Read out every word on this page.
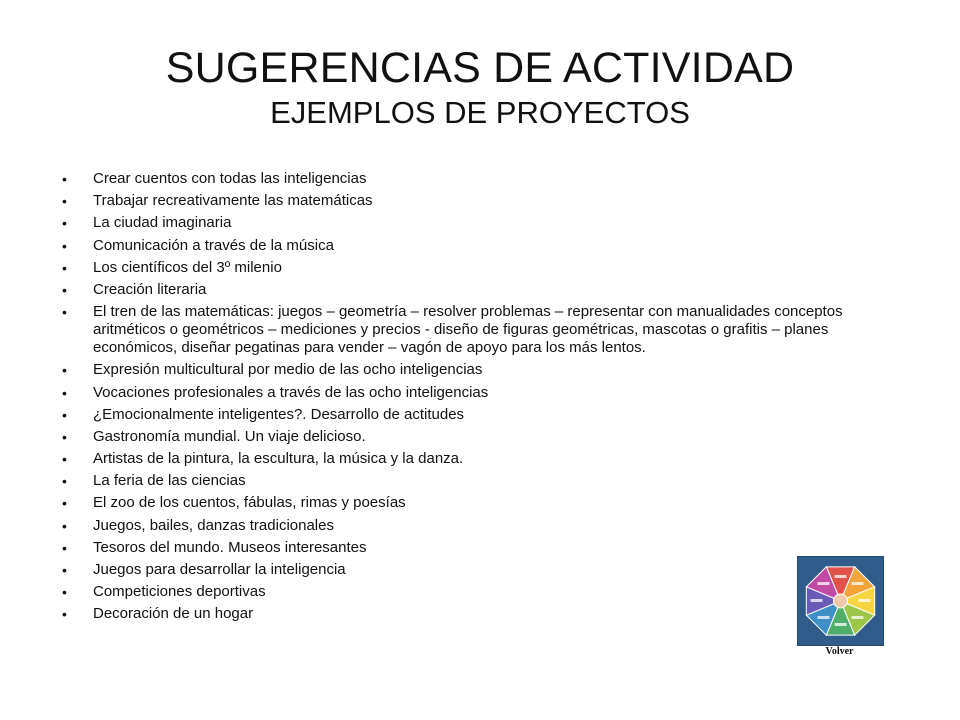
SUGERENCIAS DE ACTIVIDAD
EJEMPLOS DE PROYECTOS
• Crear cuentos con todas las inteligencias
• Trabajar recreativamente las matemáticas
• La ciudad imaginaria
• Comunicación a través de la música
• Los científicos del 3º milenio
• Creación literaria
• El tren de las matemáticas: juegos – geometría – resolver problemas – representar con manualidades conceptos aritméticos o geométricos – mediciones y precios - diseño de figuras geométricas, mascotas o grafitis – planes económicos, diseñar pegatinas para vender – vagón de apoyo para los más lentos.
• Expresión multicultural por medio de las ocho inteligencias
• Vocaciones profesionales a través de las ocho inteligencias
• ¿Emocionalmente inteligentes?. Desarrollo de actitudes
• Gastronomía mundial. Un viaje delicioso.
• Artistas de la pintura, la escultura, la música y la danza.
• La feria de las ciencias
• El zoo de los cuentos, fábulas, rimas y poesías
• Juegos, bailes, danzas tradicionales
• Tesoros del mundo. Museos interesantes
• Juegos para desarrollar la inteligencia
• Competiciones deportivas
• Decoración de un hogar
Volver
